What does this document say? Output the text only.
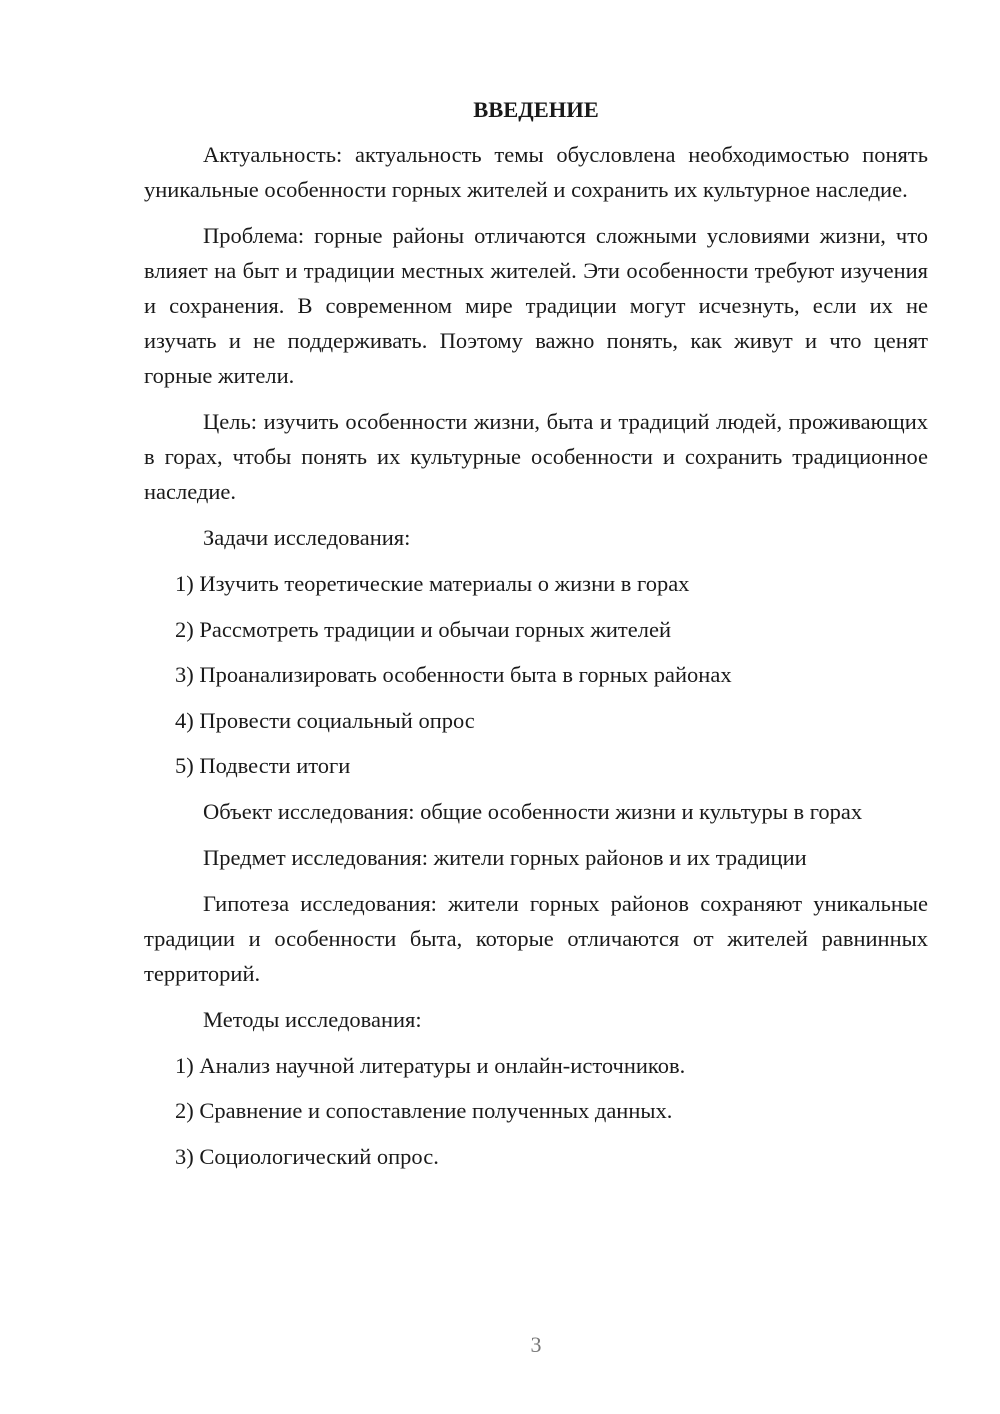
ВВЕДЕНИЕ

Актуальность: актуальность темы обусловлена необходимостью понять уникальные особенности горных жителей и сохранить их культурное наследие.

Проблема: горные районы отличаются сложными условиями жизни, что влияет на быт и традиции местных жителей. Эти особенности требуют изучения и сохранения. В современном мире традиции могут исчезнуть, если их не изучать и не поддерживать. Поэтому важно понять, как живут и что ценят горные жители.

Цель: изучить особенности жизни, быта и традиций людей, проживающих в горах, чтобы понять их культурные особенности и сохранить традиционное наследие.

Задачи исследования:

1) Изучить теоретические материалы о жизни в горах

2) Рассмотреть традиции и обычаи горных жителей

3) Проанализировать особенности быта в горных районах

4) Провести социальный опрос

5) Подвести итоги

Объект исследования: общие особенности жизни и культуры в горах

Предмет исследования: жители горных районов и их традиции

Гипотеза исследования: жители горных районов сохраняют уникальные традиции и особенности быта, которые отличаются от жителей равнинных территорий.

Методы исследования:

1) Анализ научной литературы и онлайн-источников.

2) Сравнение и сопоставление полученных данных.

3) Социологический опрос.

3
